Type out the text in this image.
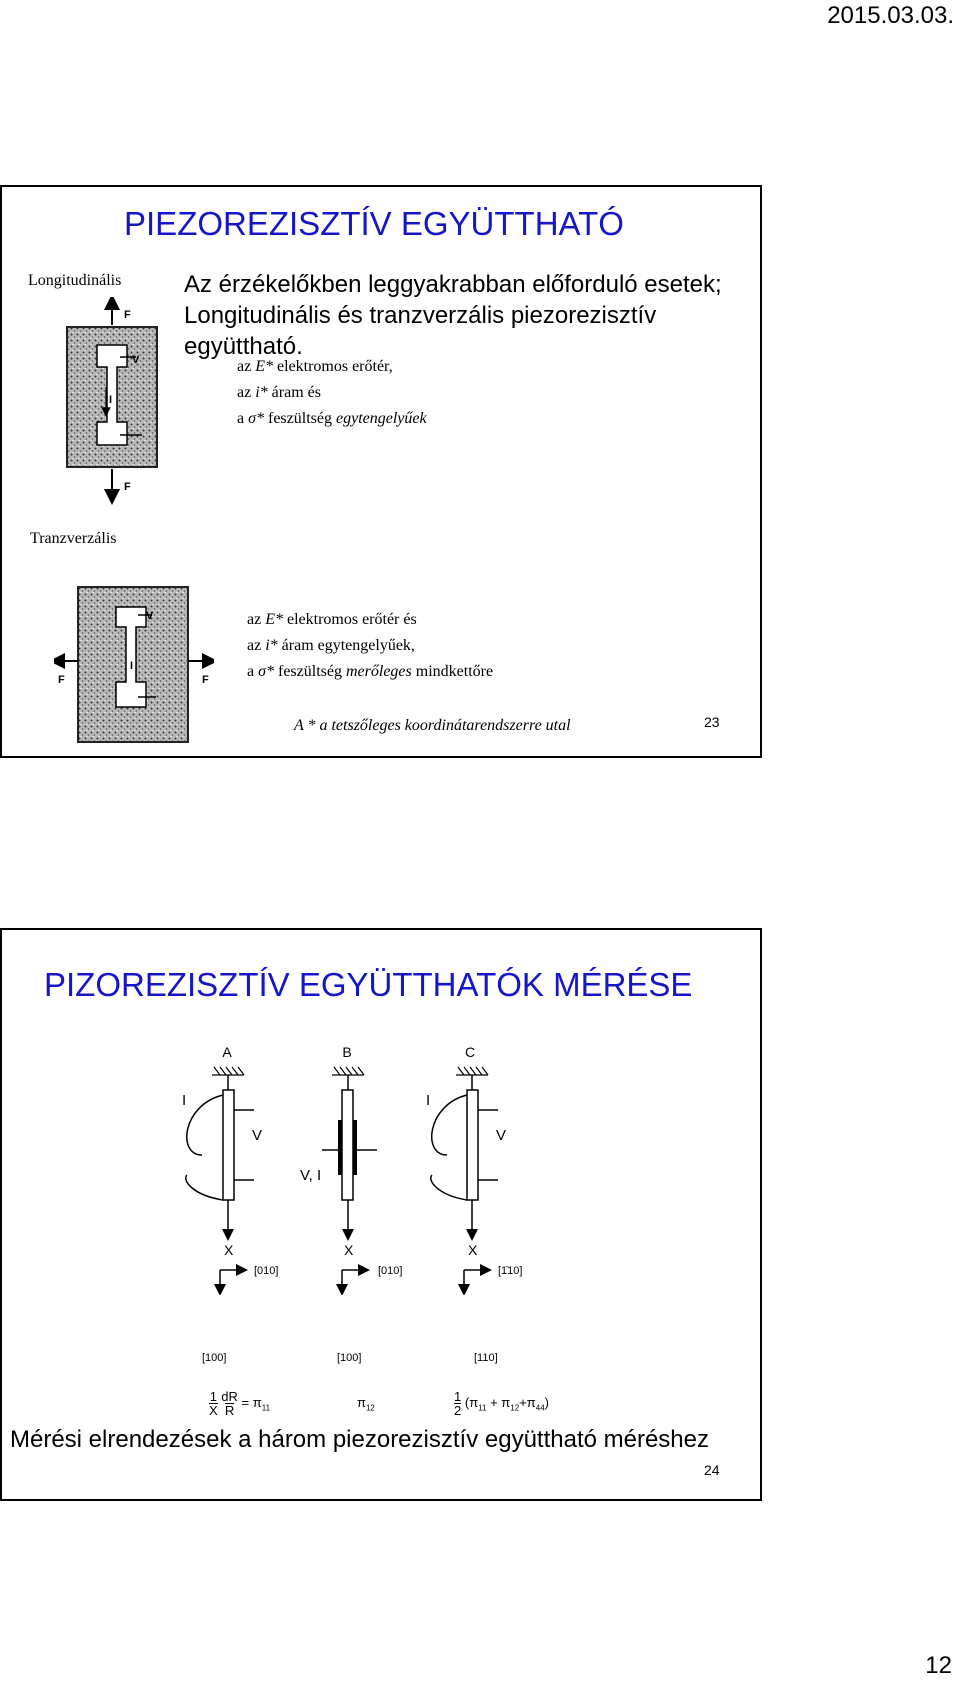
2015.03.03.
PIEZOREZISZTÍV EGYÜTTHATÓ
Longitudinális	Az érzékelőkben leggyakrabban előforduló esetek;
Longitudinális és tranzverzális piezorezisztív
együttható.
F
V
I
F
az E* elektromos erőtér,
az i* áram és
a σ* feszültség egytengelyűek
Tranzverzális
V
I
F	F
az E* elektromos erőtér és
az i* áram egytengelyűek,
a σ* feszültség merőleges mindkettőre
A * a tetszőleges koordinátarendszerre utal	23
PIZOREZISZTÍV EGYÜTTHATÓK MÉRÉSE
A
I
V
X
B
V, I
X
C
I
V
X
[010]	[010]	[1̄10]
[100]	[100]	[110]
$\frac{1}{X} \frac{dR}{R} = \pi_{11}$	$\pi_{12}$	$\frac{1}{2} (\pi_{11} + \pi_{12}+\pi_{44})$
Mérési elrendezések a három piezorezisztív együttható méréshez
24
12
